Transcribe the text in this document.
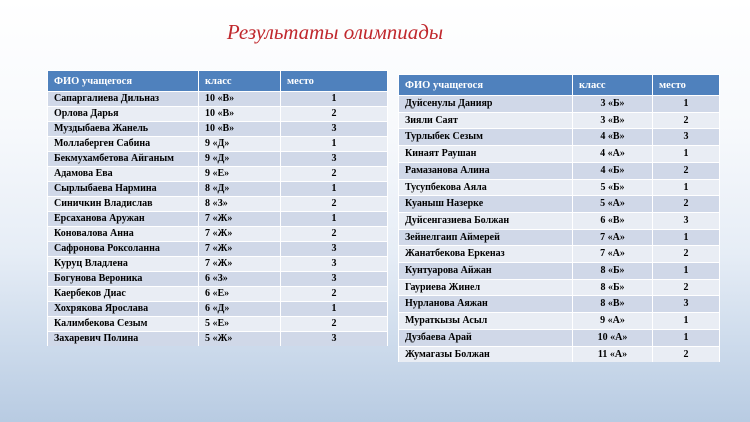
Результаты олимпиады
ФИО учащегося	класс	место
Сапаргалиева Дильназ	10 «В»	1
Орлова Дарья	10 «В»	2
Муздыбаева Жанель	10 «В»	3
Моллаберген Сабина	9 «Д»	1
Бекмухамбетова Айганым	9 «Д»	3
Адамова Ева	9 «Е»	2
Сырлыбаева Нармина	8 «Д»	1
Синичкин Владислав	8 «З»	2
Ерсаханова Аружан	7 «Ж»	1
Коновалова Анна	7 «Ж»	2
Сафронова Роксоланна	7 «Ж»	3
Куруц Владлена	7 «Ж»	3
Богунова Вероника	6 «З»	3
Каербеков Диас	6 «Е»	2
Хохрякова Ярослава	6 «Д»	1
Калимбекова Сезым	5 «Е»	2
Захаревич Полина	5 «Ж»	3
ФИО учащегося	класс	место
Дуйсенулы Данияр	3 «Б»	1
Зияли Саят	3 «В»	2
Турлыбек Сезым	4 «В»	3
Кинаят Раушан	4 «А»	1
Рамазанова Алина	4 «Б»	2
Тусупбекова Аяла	5 «Б»	1
Куаныш Назерке	5 «А»	2
Дуйсенгазиева Болжан	6 «В»	3
Зейнелгаип Аймерей	7 «А»	1
Жанатбекова Еркеназ	7 «А»	2
Кунтуарова Айжан	8 «Б»	1
Гауриева Жинел	8 «Б»	2
Нурланова Аяжан	8 «В»	3
Мураткызы Асыл	9 «А»	1
Дузбаева Арай	10 «А»	1
Жумагазы Болжан	11 «А»	2
